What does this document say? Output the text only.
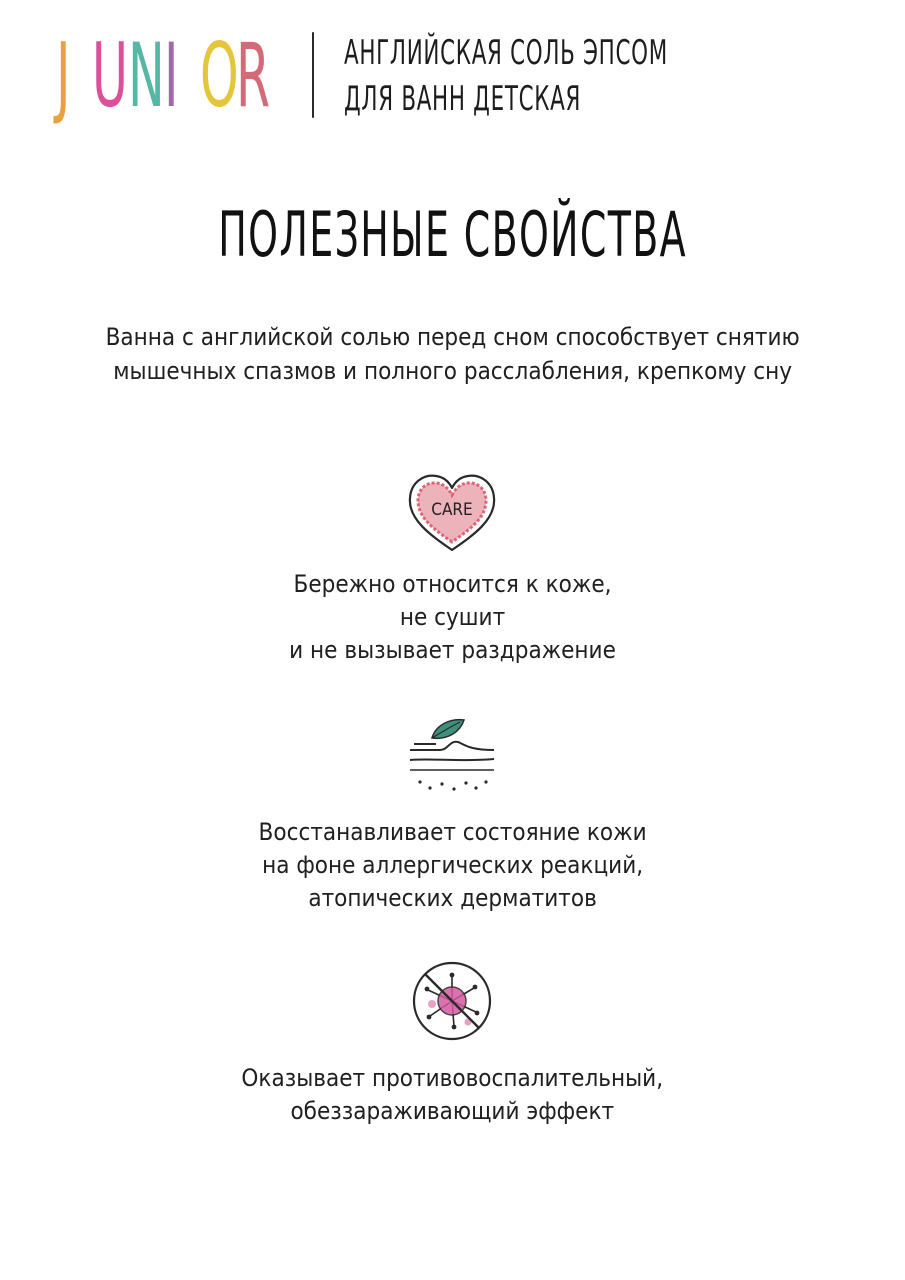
J U
N
I O
R АНГЛИЙСКАЯ СОЛЬ ЭПСОМ
ДЛЯ ВАНН ДЕТСКАЯ
ПОЛЕЗНЫЕ СВОЙСТВА
Ванна с английской солью перед сном способствует снятию
мышечных спазмов и полного расслабления, крепкому сну
CARE
Бережно относится к коже,
не сушит
и не вызывает раздражение
Восстанавливает состояние кожи
на фоне аллергических реакций,
атопических дерматитов
Оказывает противовоспалительный,
обеззараживающий эффект
